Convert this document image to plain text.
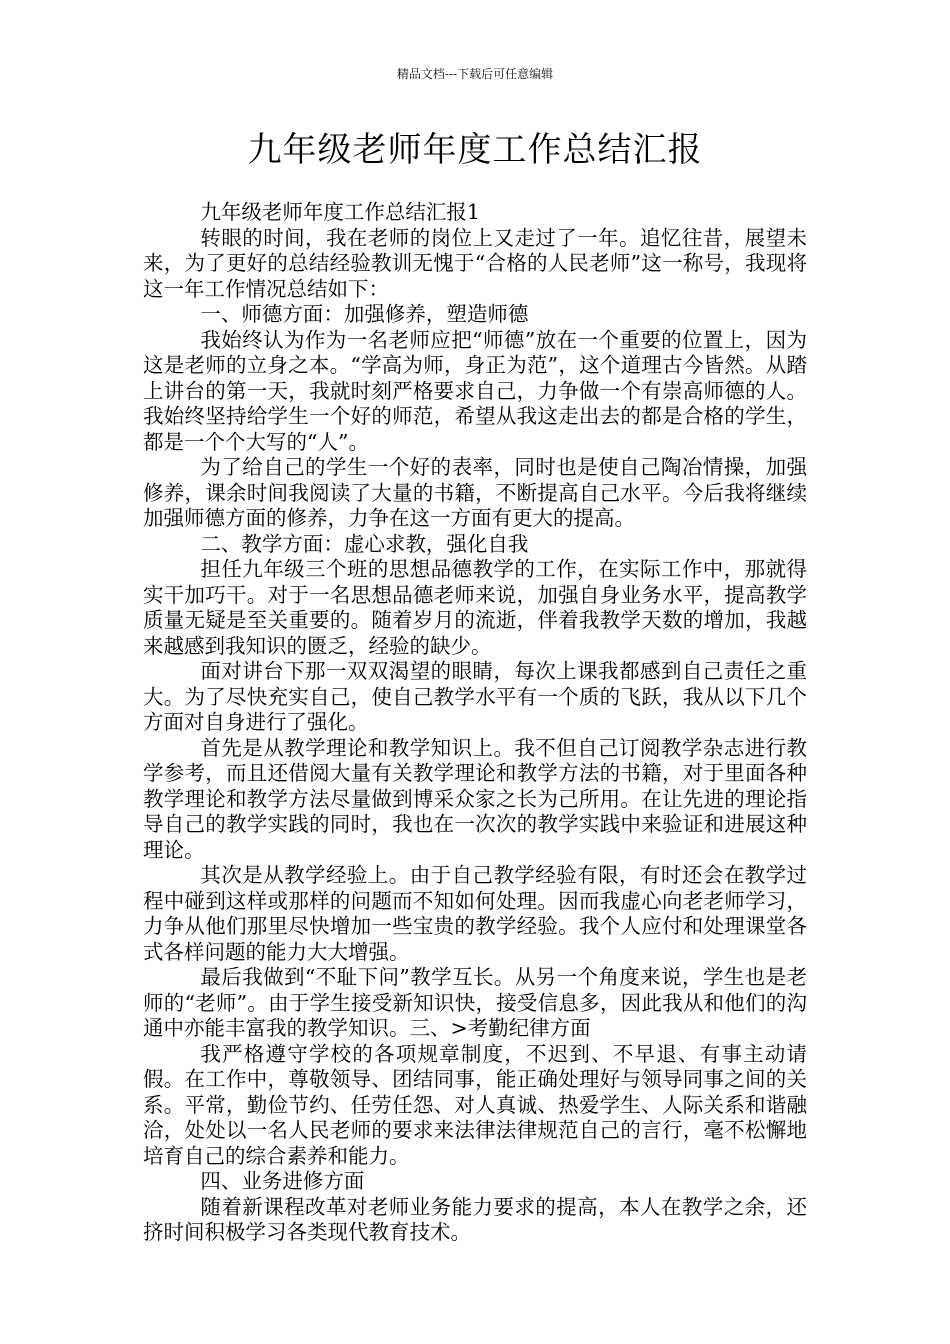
精品文档---下载后可任意编辑
九年级老师年度工作总结汇报

九年级老师年度工作总结汇报1

转眼的时间，我在老师的岗位上又走过了一年。追忆往昔，展望未来，为了更好的总结经验教训无愧于“合格的人民老师”这一称号，我现将这一年工作情况总结如下：

一、师德方面：加强修养，塑造师德

我始终认为作为一名老师应把“师德”放在一个重要的位置上，因为这是老师的立身之本。“学高为师，身正为范”，这个道理古今皆然。从踏上讲台的第一天，我就时刻严格要求自己，力争做一个有崇高师德的人。我始终坚持给学生一个好的师范，希望从我这走出去的都是合格的学生，都是一个个大写的“人”。

为了给自己的学生一个好的表率，同时也是使自己陶冶情操，加强修养，课余时间我阅读了大量的书籍，不断提高自己水平。今后我将继续加强师德方面的修养，力争在这一方面有更大的提高。

二、教学方面：虚心求教，强化自我

担任九年级三个班的思想品德教学的工作，在实际工作中，那就得实干加巧干。对于一名思想品德老师来说，加强自身业务水平，提高教学质量无疑是至关重要的。随着岁月的流逝，伴着我教学天数的增加，我越来越感到我知识的匮乏，经验的缺少。

面对讲台下那一双双渴望的眼睛，每次上课我都感到自己责任之重大。为了尽快充实自己，使自己教学水平有一个质的飞跃，我从以下几个方面对自身进行了强化。

首先是从教学理论和教学知识上。我不但自己订阅教学杂志进行教学参考，而且还借阅大量有关教学理论和教学方法的书籍，对于里面各种教学理论和教学方法尽量做到博采众家之长为己所用。在让先进的理论指导自己的教学实践的同时，我也在一次次的教学实践中来验证和进展这种理论。

其次是从教学经验上。由于自己教学经验有限，有时还会在教学过程中碰到这样或那样的问题而不知如何处理。因而我虚心向老老师学习，力争从他们那里尽快增加一些宝贵的教学经验。我个人应付和处理课堂各式各样问题的能力大大增强。

最后我做到“不耻下问”教学互长。从另一个角度来说，学生也是老师的“老师”。由于学生接受新知识快，接受信息多，因此我从和他们的沟通中亦能丰富我的教学知识。三、>考勤纪律方面

我严格遵守学校的各项规章制度，不迟到、不早退、有事主动请假。在工作中，尊敬领导、团结同事，能正确处理好与领导同事之间的关系。平常，勤俭节约、任劳任怨、对人真诚、热爱学生、人际关系和谐融洽，处处以一名人民老师的要求来法律法律规范自己的言行，毫不松懈地培育自己的综合素养和能力。

四、业务进修方面

随着新课程改革对老师业务能力要求的提高，本人在教学之余，还挤时间积极学习各类现代教育技术。
